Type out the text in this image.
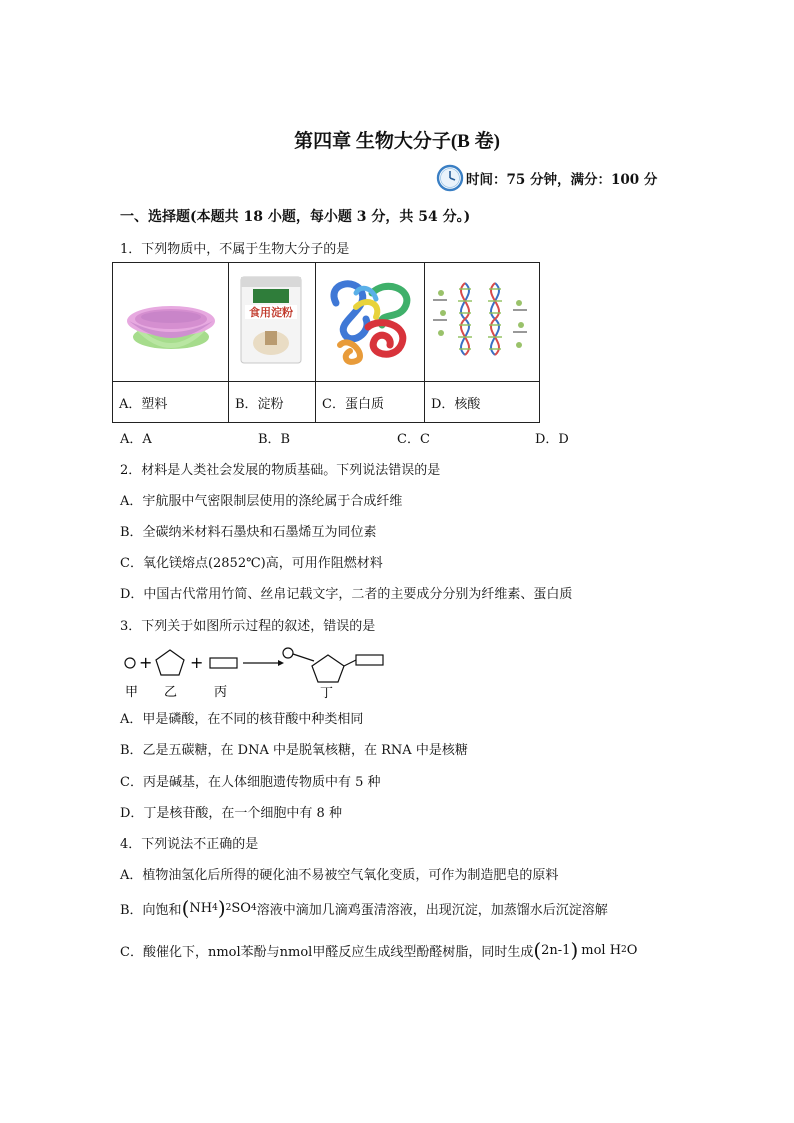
第四章 生物大分子(B 卷)
时间：75 分钟，满分：100 分
一、选择题(本题共 18 小题，每小题 3 分，共 54 分。)
1．下列物质中，不属于生物大分子的是

食用淀粉

A．塑料	B．淀粉	C．蛋白质	D．核酸
A．A	B．B	C．C	D．D
2．材料是人类社会发展的物质基础。下列说法错误的是
A．宇航服中气密限制层使用的涤纶属于合成纤维
B．全碳纳米材料石墨炔和石墨烯互为同位素
C．氧化镁熔点(2852℃)高，可用作阻燃材料
D．中国古代常用竹简、丝帛记载文字，二者的主要成分分别为纤维素、蛋白质
3．下列关于如图所示过程的叙述，错误的是
+ +
甲 乙	丙	丁
A．甲是磷酸，在不同的核苷酸中种类相同
B．乙是五碳糖，在 DNA 中是脱氧核糖，在 RNA 中是核糖
C．丙是碱基，在人体细胞遗传物质中有 5 种
D．丁是核苷酸，在一个细胞中有 8 种
4．下列说法不正确的是
A．植物油氢化后所得的硬化油不易被空气氧化变质，可作为制造肥皂的原料
B．向饱和 ( NH 4 ) 2 SO 4 溶液中滴加几滴鸡蛋清溶液，出现沉淀，加蒸馏水后沉淀溶解
C．酸催化下，nmol苯酚与nmol甲醛反应生成线型酚醛树脂，同时生成 ( 2n-1 ) mol H 2 O
